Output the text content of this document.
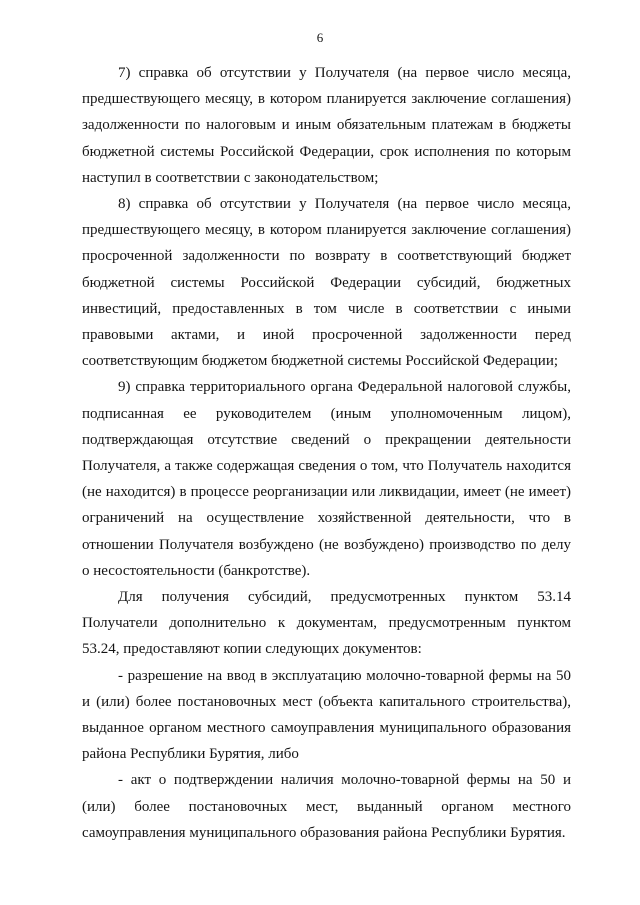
6

7) справка об отсутствии у Получателя (на первое число месяца, предшествующего месяцу, в котором планируется заключение соглашения) задолженности по налоговым и иным обязательным платежам в бюджеты бюджетной системы Российской Федерации, срок исполнения по которым наступил в соответствии с законодательством;

8) справка об отсутствии у Получателя (на первое число месяца, предшествующего месяцу, в котором планируется заключение соглашения) просроченной задолженности по возврату в соответствующий бюджет бюджетной системы Российской Федерации субсидий, бюджетных инвестиций, предоставленных в том числе в соответствии с иными правовыми актами, и иной просроченной задолженности перед соответствующим бюджетом бюджетной системы Российской Федерации;

9) справка территориального органа Федеральной налоговой службы, подписанная ее руководителем (иным уполномоченным лицом), подтверждающая отсутствие сведений о прекращении деятельности Получателя, а также содержащая сведения о том, что Получатель находится (не находится) в процессе реорганизации или ликвидации, имеет (не имеет) ограничений на осуществление хозяйственной деятельности, что в отношении Получателя возбуждено (не возбуждено) производство по делу о несостоятельности (банкротстве).

Для получения субсидий, предусмотренных пунктом 53.14 Получатели дополнительно к документам, предусмотренным пунктом 53.24, предоставляют копии следующих документов:

- разрешение на ввод в эксплуатацию молочно-товарной фермы на 50 и (или) более постановочных мест (объекта капитального строительства), выданное органом местного самоуправления муниципального образования района Республики Бурятия, либо

- акт о подтверждении наличия молочно-товарной фермы на 50 и (или) более постановочных мест, выданный органом местного самоуправления муниципального образования района Республики Бурятия.
